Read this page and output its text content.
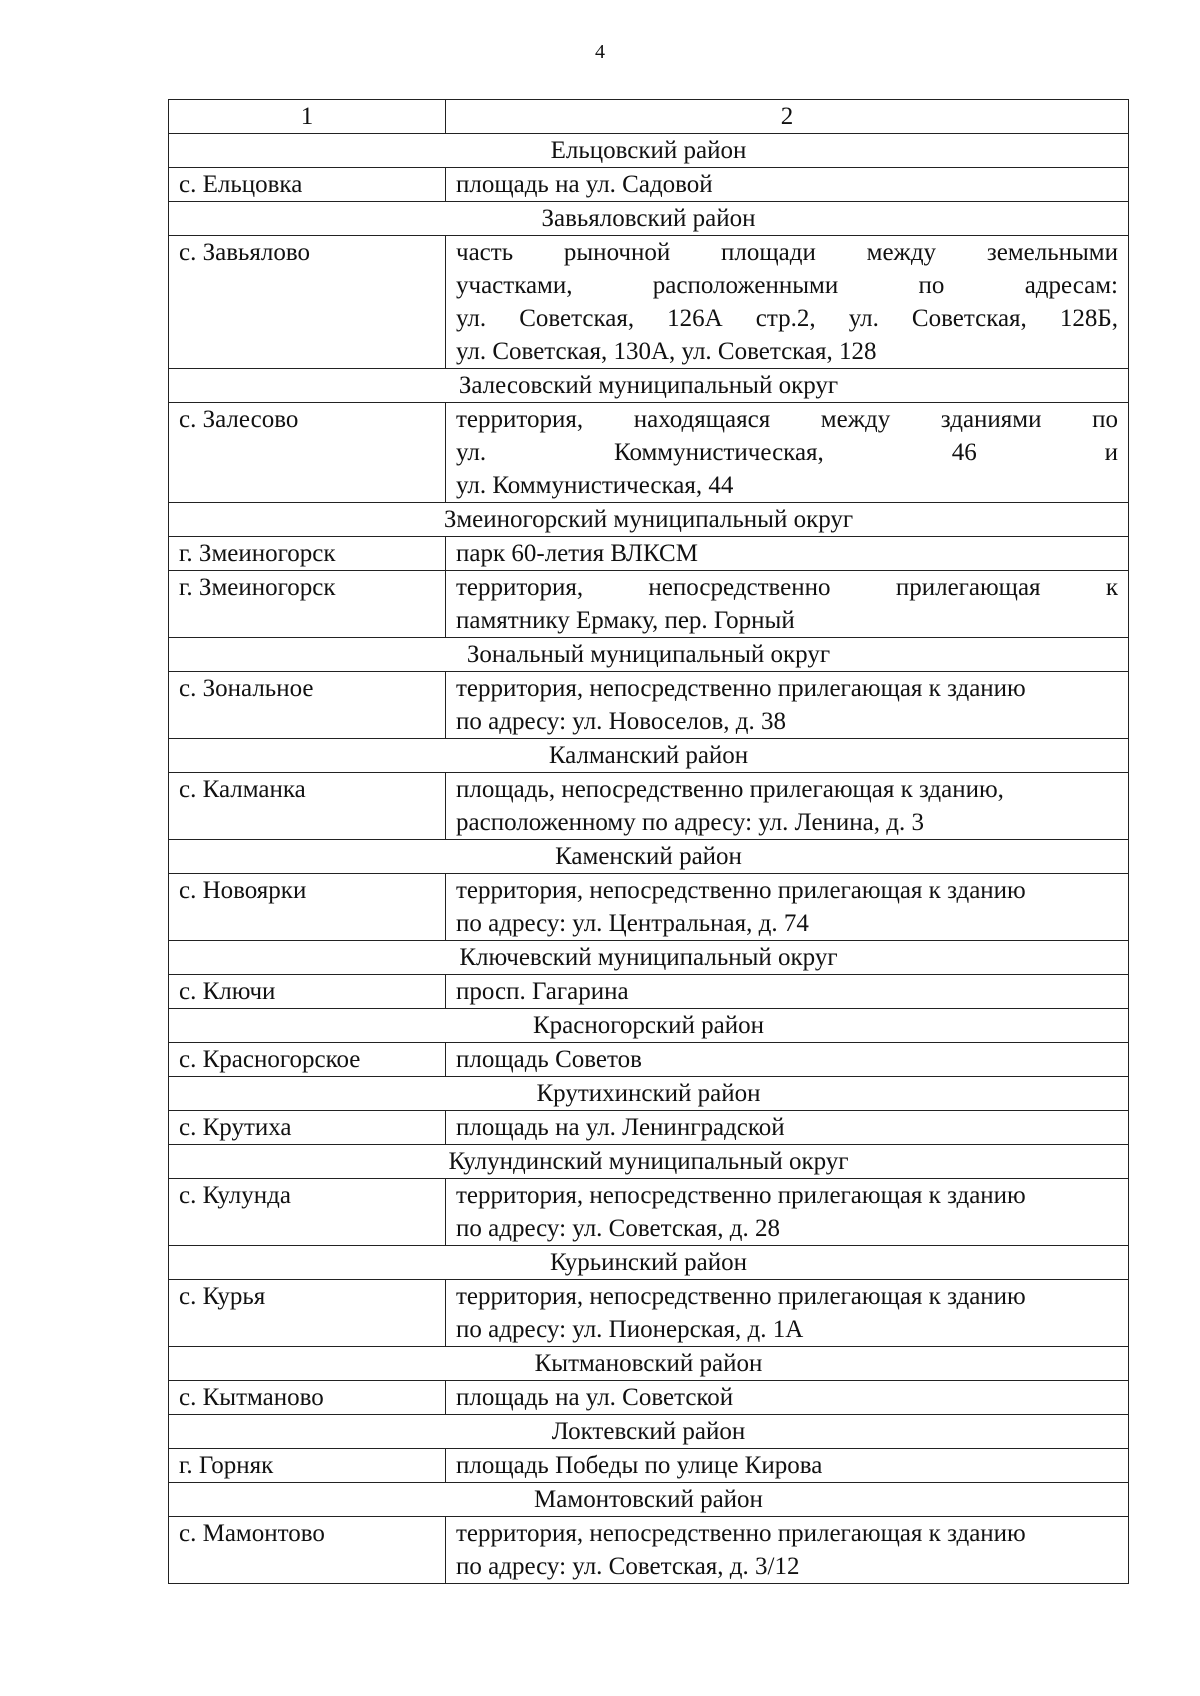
4
1	2
Ельцовский район	
с. Ельцовка	площадь на ул. Садовой

Завьяловский район	
с. Завьялово	часть рыночной площади между земельными
участками, расположенными по адресам:
ул. Советская, 126А стр.2, ул. Советская, 128Б,
ул. Советская, 130А, ул. Советская, 128

Залесовский муниципальный округ	
с. Залесово	территория, находящаяся между зданиями по
ул. Коммунистическая, 46 и
ул. Коммунистическая, 44

Змеиногорский муниципальный округ	
г. Змеиногорск	парк 60-летия ВЛКСМ

г. Змеиногорск	территория, непосредственно прилегающая к
памятнику Ермаку, пер. Горный

Зональный муниципальный округ	
с. Зональное	территория, непосредственно прилегающая к зданию
по адресу: ул. Новоселов, д. 38

Калманский район	
с. Калманка	площадь, непосредственно прилегающая к зданию,
расположенному по адресу: ул. Ленина, д. 3

Каменский район	
с. Новоярки	территория, непосредственно прилегающая к зданию
по адресу: ул. Центральная, д. 74

Ключевский муниципальный округ	
с. Ключи	просп. Гагарина

Красногорский район	
с. Красногорское	площадь Советов

Крутихинский район	
с. Крутиха	площадь на ул. Ленинградской

Кулундинский муниципальный округ	
с. Кулунда	территория, непосредственно прилегающая к зданию
по адресу: ул. Советская, д. 28

Курьинский район	
с. Курья	территория, непосредственно прилегающая к зданию
по адресу: ул. Пионерская, д. 1А

Кытмановский район	
с. Кытманово	площадь на ул. Советской

Локтевский район	
г. Горняк	площадь Победы по улице Кирова

Мамонтовский район	
с. Мамонтово	территория, непосредственно прилегающая к зданию
по адресу: ул. Советская, д. 3/12
